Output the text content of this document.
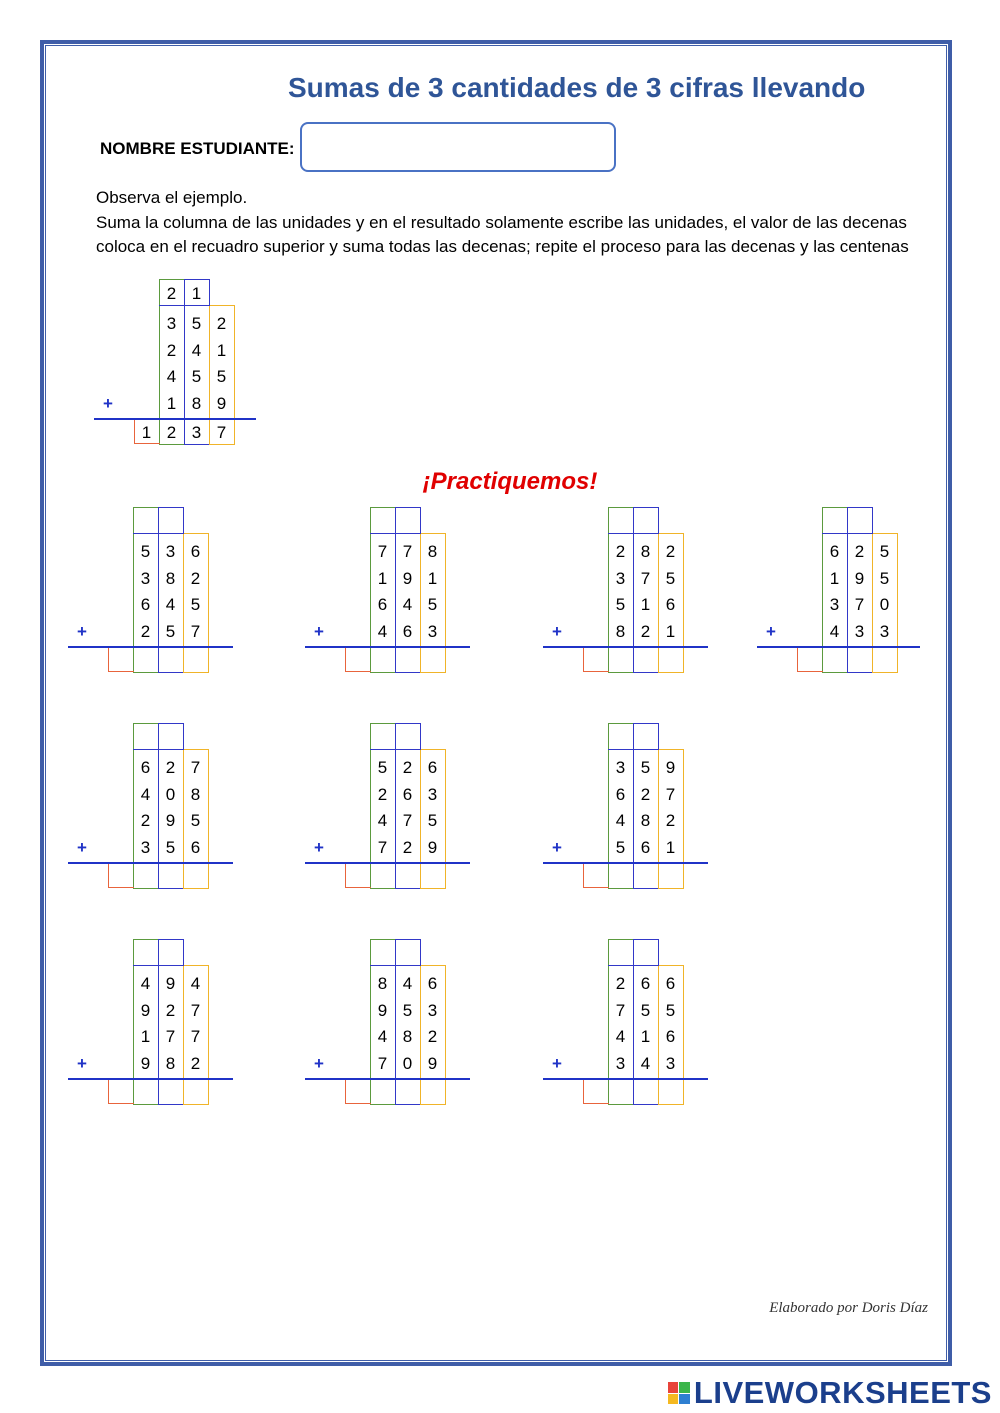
Sumas de 3 cantidades de 3 cifras llevando
NOMBRE ESTUDIANTE:

Observa el ejemplo.

Suma la columna de las unidades y en el resultado solamente escribe las unidades, el valor de las decenas coloca en el recuadro superior y suma todas las decenas; repite el proceso para las decenas y las centenas

¡Practiquemos!
Elaborado por Doris Díaz
LIVEWORKSHEETS
2 1
3 5 2
2 4 1
4 5 5
1 8 9
+
1 2 3 7
5 3 6
3 8 2
6 4 5
2 5 7
+
7 7 8
1 9 1
6 4 5
4 6 3
+
2 8 2
3 7 5
5 1 6
8 2 1
+
6 2 5
1 9 5
3 7 0
4 3 3
+
6 2 7
4 0 8
2 9 5
3 5 6
+
5 2 6
2 6 3
4 7 5
7 2 9
+
3 5 9
6 2 7
4 8 2
5 6 1
+
4 9 4
9 2 7
1 7 7
9 8 2
+
8 4 6
9 5 3
4 8 2
7 0 9
+
2 6 6
7 5 5
4 1 6
3 4 3
+
